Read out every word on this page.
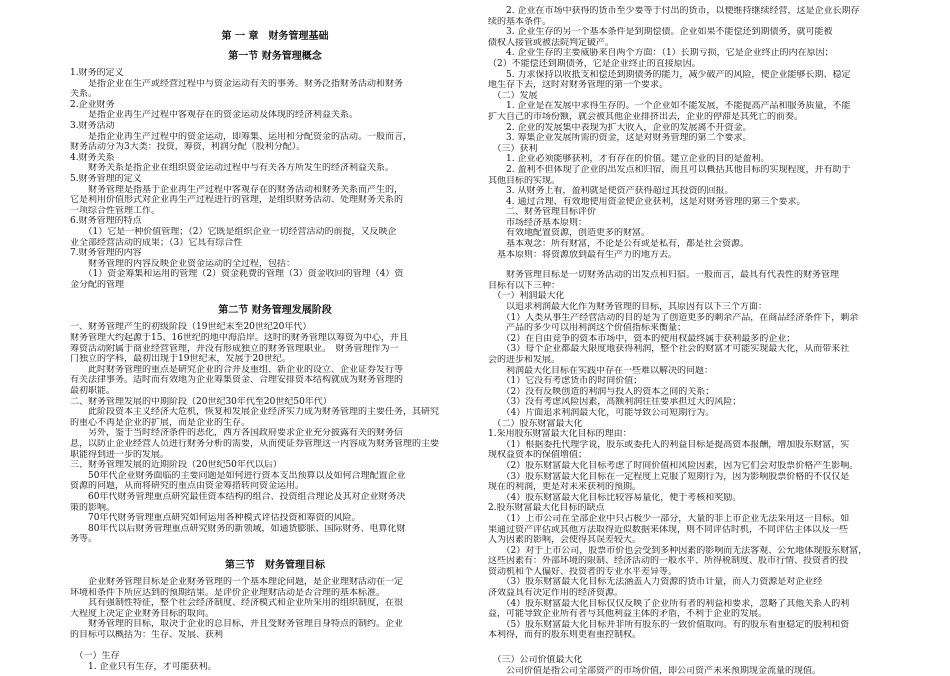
第 一 章　财务管理基础
第一节 财务管理概念
1.财务的定义
　　是指企业在生产或经营过程中与资金运动有关的事务。财务泛指财务活动和财务
关系。
2.企业财务
　　是指企业再生产过程中客观存在的资金运动及体现的经济利益关系。
3.财务活动
　　是指企业再生产过程中的资金运动，即筹集、运用和分配资金的活动。一般而言，
财务活动分为3大类：投资，筹资，利润分配（股利分配）。
4.财务关系
　　财务关系是指企业在组织资金运动过程中与有关各方所发生的经济利益关系。
5.财务管理的定义
　　财务管理是指基于企业再生产过程中客观存在的财务活动和财务关系而产生的，
它是利用价值形式对企业再生产过程进行的管理，是组织财务活动、处理财务关系的
一项综合性管理工作。
6.财务管理的特点
　　（1）它是一种价值管理；（2）它既是组织企业一切经营活动的前提，又反映企
业全部经营活动的成果；（3）它具有综合性
7.财务管理的内容
　　财务管理的内容反映企业资金运动的全过程，包括：
　　（1）资金筹集和运用的管理（2）资金耗费的管理（3）资金收回的管理（4）资
金分配的管理
第二节 财务管理发展阶段
一、财务管理产生的初级阶段（19世纪末至20世纪20年代）
财务管理大约起源于15、16世纪的地中海沿岸。这时的财务管理以筹资为中心，并且
筹资活动附属于商业经营管理，并没有形成独立的财务管理职业。　财务管理作为一
门独立的学科，最初出现于19世纪末，发展于20世纪。
　　此时财务管理的重点是研究企业的合并及重组、新企业的设立、企业证券发行等
有关法律事务。适时而有效地为企业筹集资金、合理安排资本结构就成为财务管理的
最初职能。
二、财务管理发展的中期阶段（20世纪30年代至20世纪50年代）
　　此阶段资本主义经济大危机，恢复和发展企业经济实力成为财务管理的主要任务，其研究
的重心不再是企业的扩展，而是企业的生存。
　　另外，鉴于当时经济条件的恶化，西方各国政府要求企业充分披露有关的财务信
息，以防止企业经营人员进行财务分析的需要，从而使证券管理这一内容成为财务管理的主要
职能得到进一步的发展。
三、财务管理发展的近期阶段（20世纪50年代以后）
　　50年代企业财务面临的主要问题是如何进行资本支出预算以及如何合理配置企业
资源的问题，从而将研究的重点由资金筹措转向资金运用。
　　60年代财务管理重点研究最佳资本结构的组合、投资组合理论及其对企业财务决
策的影响。
　　70年代财务管理重点研究如何运用各种模式评估投资和筹资的风险。
　　80年代以后财务管理重点研究财务的新领域，如通货膨胀、国际财务、电算化财
务等。
第三节　财务管理目标
　　企业财务管理目标是企业财务管理的一个基本理论问题，是企业理财活动在一定
环境和条件下所应达到的预期结果。是评价企业理财活动是否合理的基本标准。
　　其有强制性特征，整个社会经济制度、经济模式和企业所采用的组织制度，在很
大程度上决定企业财务目标的取向。
　　财务管理的目标，取决于企业的总目标，并且受财务管理自身特点的制约。企业
的目标可以概括为：生存、发展、获利
　（一）生存
　　1. 企业只有生存，才可能获利。
　　2. 企业在市场中获得的货币至少要等于付出的货币，以便维持继续经营，这是企业长期存
续的基本条件。
　　3. 企业生存的另一个基本条件是到期偿债。企业如果不能偿还到期债务，就可能被
债权人接管或被法院判定破产。
　　4. 企业生存的主要威胁来自两个方面：（1）长期亏损，它是企业终止的内在原因；
（2）不能偿还到期债务，它是企业终止的直接原因。
　　5. 力求保持以收抵支和偿还到期债务的能力，减少破产的风险，使企业能够长期、稳定
地生存下去，这时对财务管理的第一个要求。
　（二）发展
　　1. 企业是在发展中求得生存的。一个企业如不能发展，不能提高产品和服务质量，不能
扩大自己的市场份额，就会被其他企业排挤出去，企业的停滞是其死亡的前奏。
　　2. 企业的发展集中表现为扩大收入，企业的发展离不开资金。
　　3. 筹集企业发展所需的资金，这是对财务管理的第二个要求。
　（三）获利
　　1. 企业必须能够获利，才有存在的价值。建立企业的目的是盈利。
　　2. 盈利不但体现了企业的出发点和归宿，而且可以概括其他目标的实现程度，并有助于
其他目标的实现。
　　3. 从财务上看，盈利就是使资产获得超过其投资的回报。
　　4. 通过合理、有效地使用资金使企业获利，这是对财务管理的第三个要求。
　　二、财务管理目标评价
　　市场经济基本原则：
　　有效地配置资源，创造更多的财富。
　　基本观念：所有财富，不论是公有或是私有，都是社会资源。
　基本原则：将资源放到最有生产力的地方去。
　　财务管理目标是一切财务活动的出发点和归宿。一般而言，最具有代表性的财务管理
目标有以下三种：
　（一）利润最大化
　　以追求利润最大化作为财务管理的目标，其原因有以下三个方面：
　　（1）人类从事生产经营活动的目的是为了创造更多的剩余产品，在商品经济条件下，剩余
　　产品的多少可以用利润这个价值指标来衡量；
　　（2）在自由竞争的资本市场中，资本的使用权最终属于获利最多的企业；
　　（3）每个企业都最大限度地获得利润，整个社会的财富才可能实现最大化，从而带来社
会的进步和发展。
　　利润最大化目标在实践中存在一些难以解决的问题：
　　（1）它没有考虑货币的时间价值；
　　（2）没有反映创造的利润与投入的资本之间的关系；
　　（3）没有考虑风险因素，高额利润往往要承担过大的风险；
　　（4）片面追求利润最大化，可能导致公司短期行为。
　（二）股东财富最大化
1.采用股东财富最大化目标的理由：
　　（1）根据委托代理学说，股东或委托人的利益目标是提高资本报酬，增加股东财富，实
现权益资本的保值增值；
　　（2）股东财富最大化目标考虑了时间价值和风险因素，因为它们会对股票价格产生影响。
　　（3）股东财富最大化目标在一定程度上克服了短期行为，因为影响股票价格的不仅仅是
现在的利润，更是对未来获利的预期。
　　（4）股东财富最大化目标比较容易量化，便于考核和奖励。
2.股东财富最大化目标的缺点
　　（1）上市公司在全部企业中只占极少一部分，大量的非上市企业无法采用这一目标。如
果通过资产评估或其他方法取得近似数据来体现，则不同评估时机，不同评估主体以及一些
人为因素的影响，会使得其误差较大。
　　（2）对于上市公司，股票市价也会受到多种因素的影响而无法客观、公允地体现股东财富，
这些因素有：外部环境的限制、经济活动的一般水平、所得税制度、股市行情、投资者的投
资动机和个人偏好、投资者的专业水平差异等。
　　（3）股东财富最大化目标无法涵盖人力资源的货币计量，而人力资源是对企业经
济效益具有决定作用的经济资源。
　　（4）股东财富最大化目标仅仅反映了企业所有者的利益和要求，忽略了其他关系人的利
益，可能导致企业所有者与其他利益主体的矛盾，不利于企业的发展。
　　（5）股东财富最大化目标并非所有股东的一致价值取向。有的股东看重稳定的股利和资
本利得，而有的股东则更看重控制权。
　（三）公司价值最大化
　　公司价值是指公司全部资产的市场价值，即公司资产未来预期现金流量的现值。
